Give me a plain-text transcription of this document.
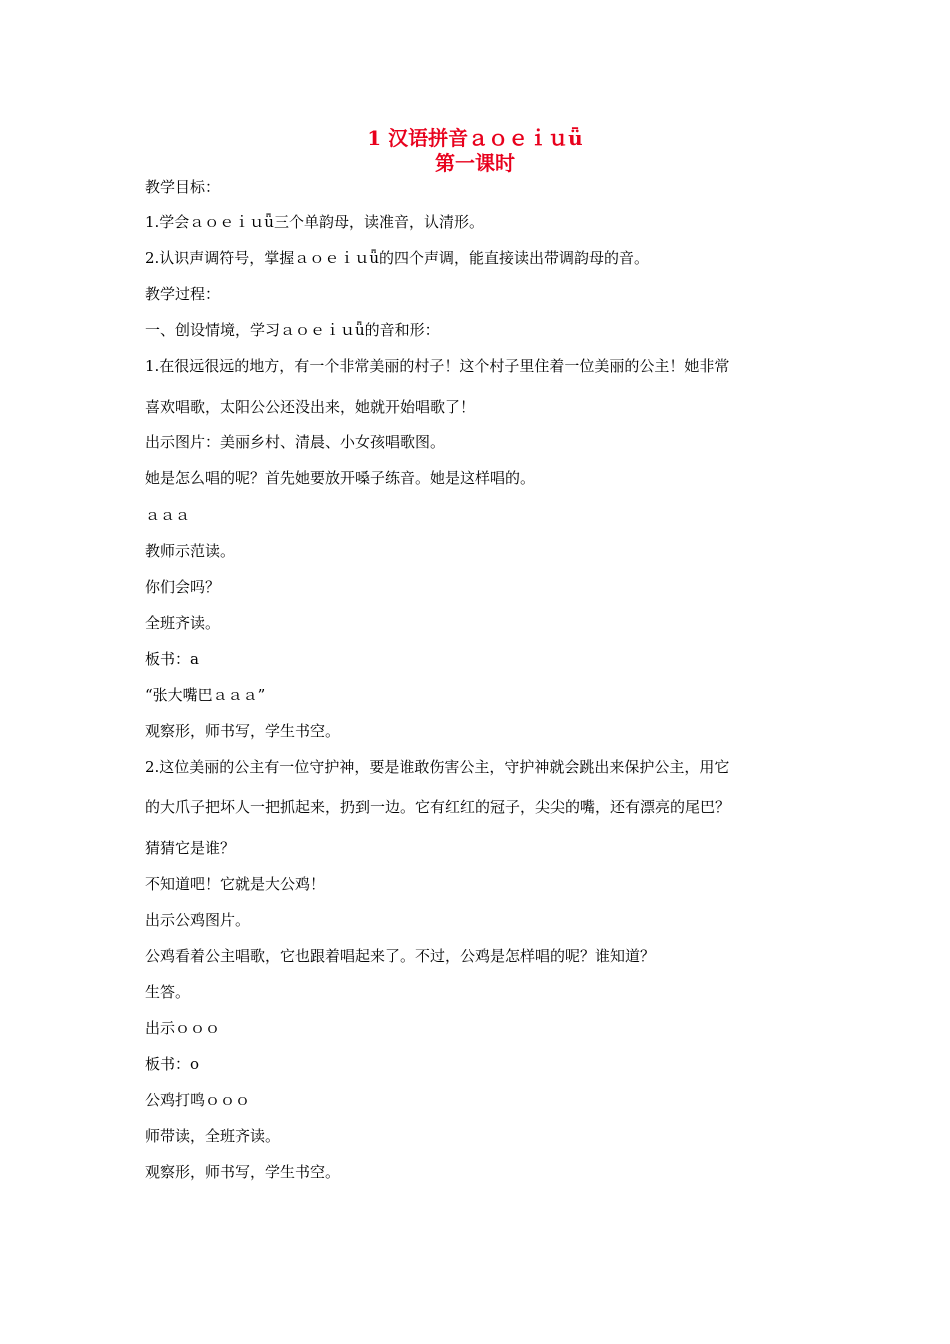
1 汉语拼音ａｏｅｉｕǖ
第一课时
教学目标：
1.学会ａｏｅｉｕǖ三个单韵母，读准音，认清形。
2.认识声调符号，掌握ａｏｅｉｕǖ的四个声调，能直接读出带调韵母的音。
教学过程：
一、创设情境，学习ａｏｅｉｕǖ的音和形：
1.在很远很远的地方，有一个非常美丽的村子！这个村子里住着一位美丽的公主！她非常
喜欢唱歌，太阳公公还没出来，她就开始唱歌了！
出示图片：美丽乡村、清晨、小女孩唱歌图。
她是怎么唱的呢？首先她要放开嗓子练音。她是这样唱的。
ａａａ
教师示范读。
你们会吗？
全班齐读。
板书：a
“张大嘴巴ａａａ”
观察形，师书写，学生书空。
2.这位美丽的公主有一位守护神，要是谁敢伤害公主，守护神就会跳出来保护公主，用它
的大爪子把坏人一把抓起来，扔到一边。它有红红的冠子，尖尖的嘴，还有漂亮的尾巴？
猜猜它是谁？
不知道吧！它就是大公鸡！
出示公鸡图片。
公鸡看着公主唱歌，它也跟着唱起来了。不过，公鸡是怎样唱的呢？谁知道？
生答。
出示ｏｏｏ
板书：o
公鸡打鸣ｏｏｏ
师带读，全班齐读。
观察形，师书写，学生书空。
